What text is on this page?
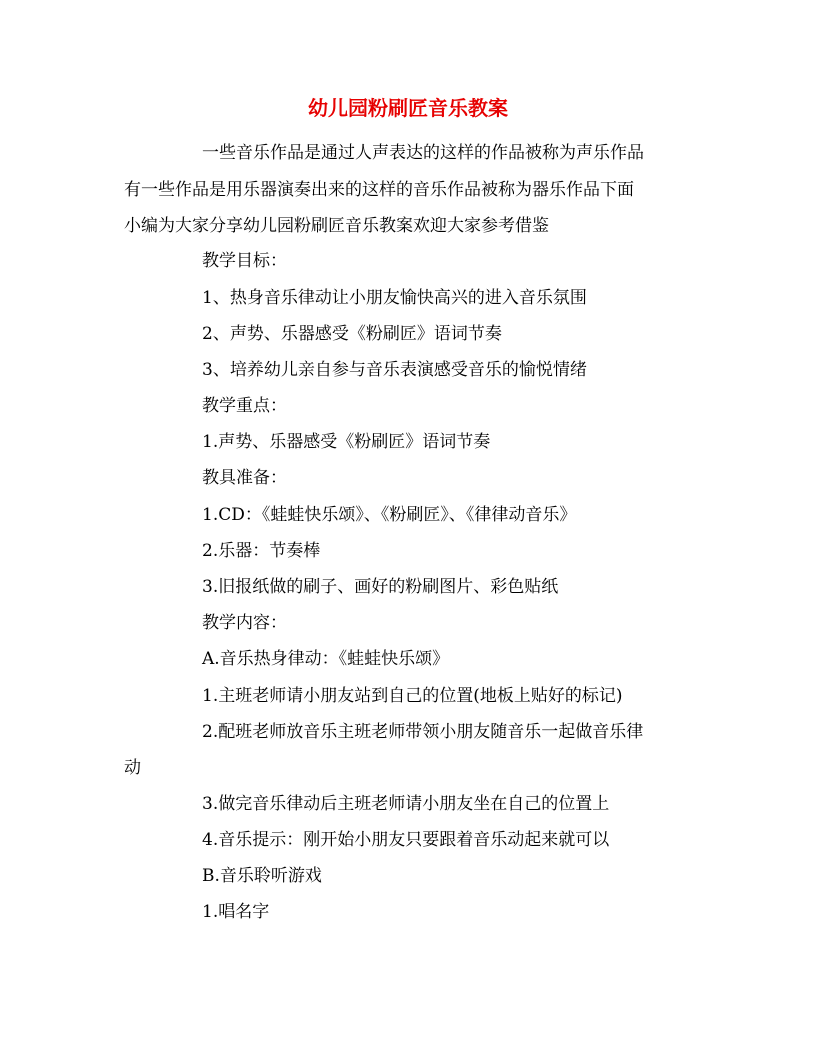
幼儿园粉刷匠音乐教案
一些音乐作品是通过人声表达的这样的作品被称为声乐作品
有一些作品是用乐器演奏出来的这样的音乐作品被称为器乐作品下面
小编为大家分享幼儿园粉刷匠音乐教案欢迎大家参考借鉴
教学目标：
1、热身音乐律动让小朋友愉快高兴的进入音乐氛围
2、声势、乐器感受《粉刷匠》语词节奏
3、培养幼儿亲自参与音乐表演感受音乐的愉悦情绪
教学重点：
1.声势、乐器感受《粉刷匠》语词节奏
教具准备：
1.CD：《蛙蛙快乐颂》、《粉刷匠》、《律律动音乐》
2.乐器：节奏棒
3.旧报纸做的刷子、画好的粉刷图片、彩色贴纸
教学内容：
A.音乐热身律动：《蛙蛙快乐颂》
1.主班老师请小朋友站到自己的位置(地板上贴好的标记)
2.配班老师放音乐主班老师带领小朋友随音乐一起做音乐律
动
3.做完音乐律动后主班老师请小朋友坐在自己的位置上
4.音乐提示：刚开始小朋友只要跟着音乐动起来就可以
B.音乐聆听游戏
1.唱名字
